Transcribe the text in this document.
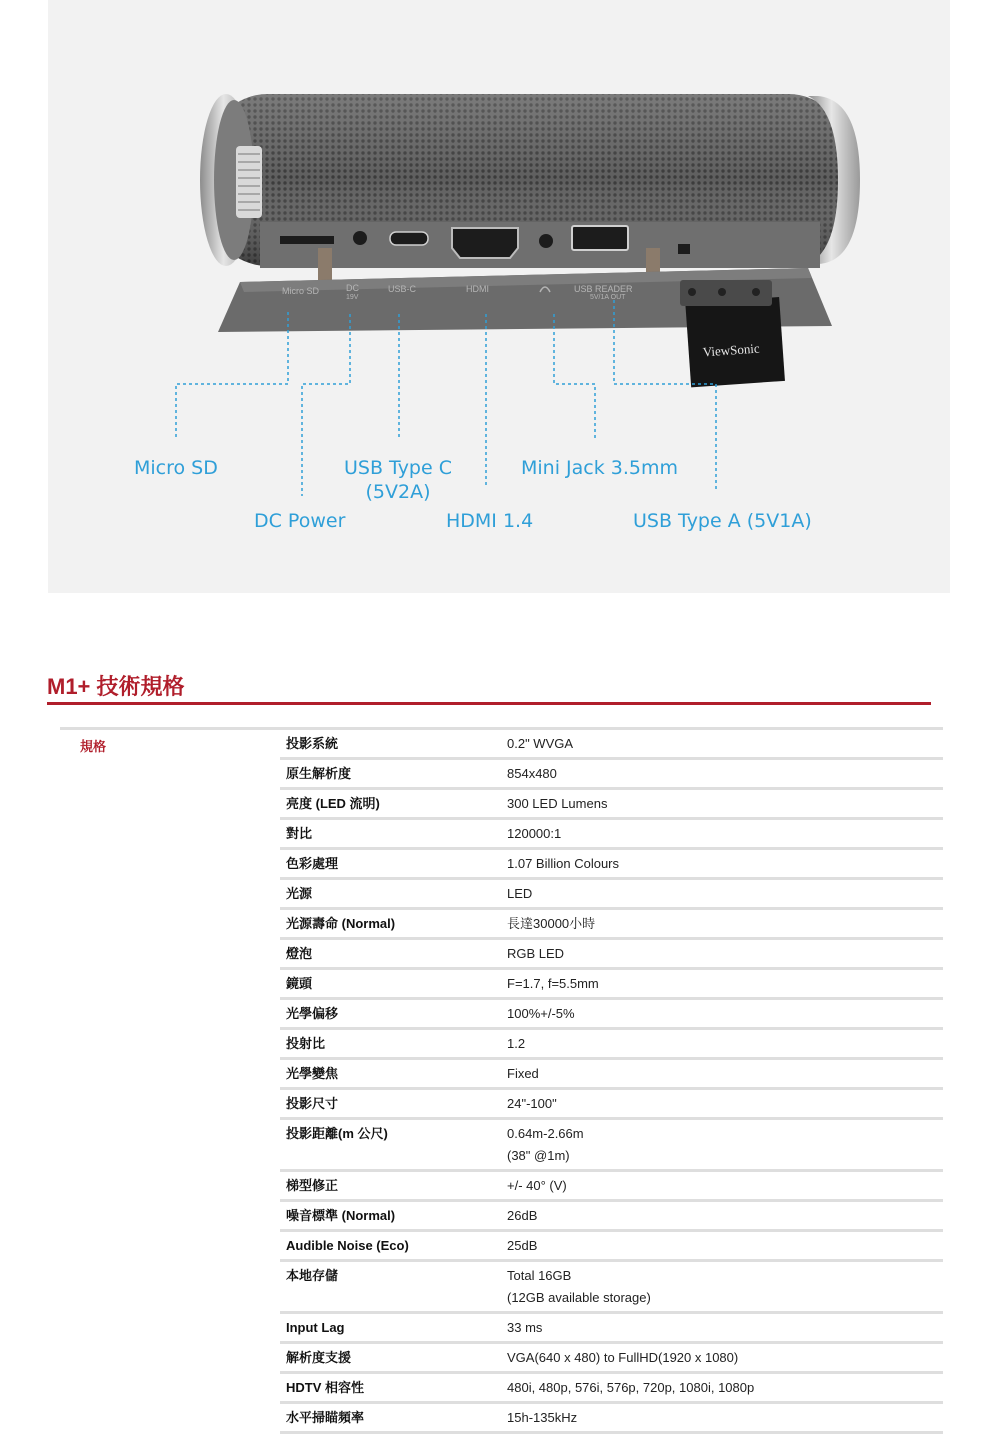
Micro SD	DC
19V
USB-C	HDMI	USB READER
5V/1A OUT
ViewSonic
Micro SD
DC Power
USB Type C
(5V2A)
HDMI 1.4
Mini Jack 3.5mm
USB Type A (5V1A)
M1+ 技術規格
規格	投影系統	0.2" WVGA

原生解析度	854x480

亮度 (LED 流明)	300 LED Lumens

對比	120000:1

色彩處理	1.07 Billion Colours

光源	LED

光源壽命 (Normal)	長達30000小時

燈泡	RGB LED

鏡頭	F=1.7, f=5.5mm

光學偏移	100%+/-5%

投射比	1.2

光學變焦	Fixed

投影尺寸	24"-100"

投影距離(m 公尺)	0.64m-2.66m
(38" @1m)

梯型修正	+/- 40° (V)

噪音標準 (Normal)	26dB

Audible Noise (Eco)	25dB

本地存儲	Total 16GB
(12GB available storage)

Input Lag	33 ms

解析度支援	VGA(640 x 480) to FullHD(1920 x 1080)

HDTV 相容性	480i, 480p, 576i, 576p, 720p, 1080i, 1080p

水平掃瞄頻率	15h-135kHz
